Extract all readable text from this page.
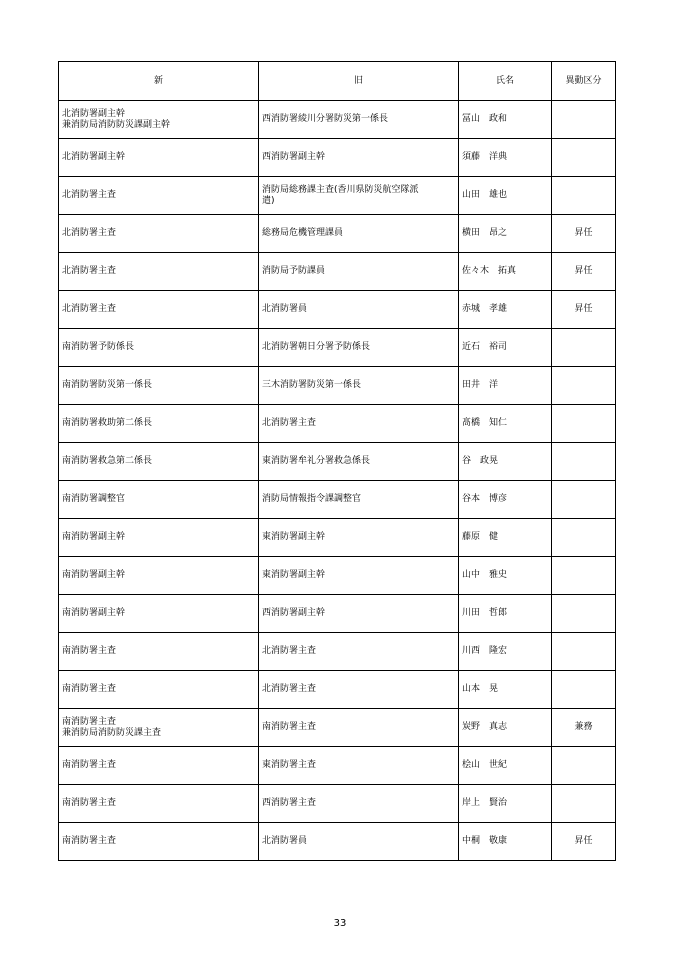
新	旧	氏名	異動区分

北消防署副主幹
兼消防局消防防災課副主幹	西消防署綾川分署防災第一係長	冨山　政和	

北消防署副主幹	西消防署副主幹	須藤　洋典	

北消防署主査	消防局総務課主査(香川県防災航空隊派
遣)	山田　雄也	

北消防署主査	総務局危機管理課員	横田　昂之	昇任

北消防署主査	消防局予防課員	佐々木　拓真	昇任

北消防署主査	北消防署員	赤城　孝雄	昇任

南消防署予防係長	北消防署朝日分署予防係長	近石　裕司	

南消防署防災第一係長	三木消防署防災第一係長	田井　洋	

南消防署救助第二係長	北消防署主査	髙橋　知仁	

南消防署救急第二係長	東消防署牟礼分署救急係長	谷　政晃	

南消防署調整官	消防局情報指令課調整官	谷本　博彦	

南消防署副主幹	東消防署副主幹	藤原　健	

南消防署副主幹	東消防署副主幹	山中　雅史	

南消防署副主幹	西消防署副主幹	川田　哲郎	

南消防署主査	北消防署主査	川西　隆宏	

南消防署主査	北消防署主査	山本　晃	

南消防署主査
兼消防局消防防災課主査	南消防署主査	炭野　真志	兼務

南消防署主査	東消防署主査	桧山　世紀	

南消防署主査	西消防署主査	岸上　賢治	

南消防署主査	北消防署員	中桐　敬康	昇任
33
